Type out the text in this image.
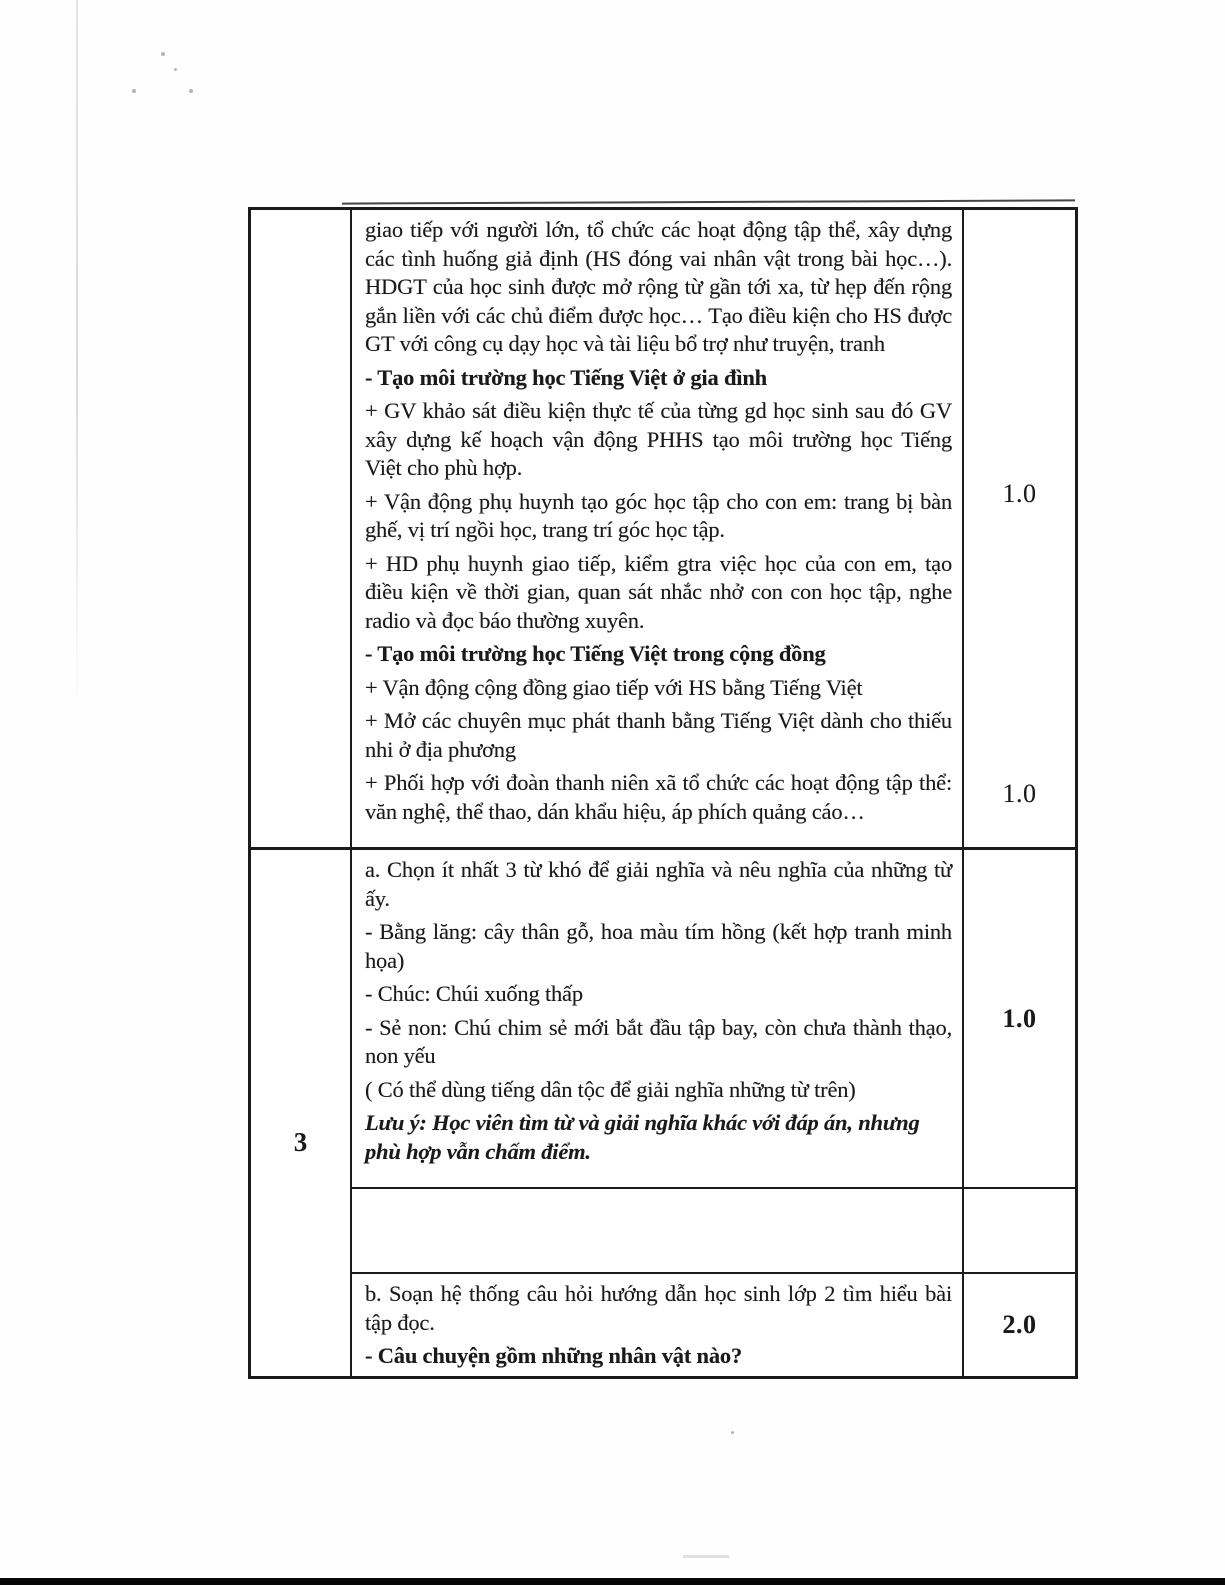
giao tiếp với người lớn, tổ chức các hoạt động tập thể, xây dựng các tình huống giả định (HS đóng vai nhân vật trong bài học…). HDGT của học sinh được mở rộng từ gần tới xa, từ hẹp đến rộng gắn liền với các chủ điểm được học… Tạo điều kiện cho HS được GT với công cụ dạy học và tài liệu bổ trợ như truyện, tranh

- Tạo môi trường học Tiếng Việt ở gia đình

+ GV khảo sát điều kiện thực tế của từng gd học sinh sau đó GV xây dựng kế hoạch vận động PHHS tạo môi trường học Tiếng Việt cho phù hợp.

+ Vận động phụ huynh tạo góc học tập cho con em: trang bị bàn ghế, vị trí ngồi học, trang trí góc học tập.

+ HD phụ huynh giao tiếp, kiểm gtra việc học của con em, tạo điều kiện về thời gian, quan sát nhắc nhở con con học tập, nghe radio và đọc báo thường xuyên.

- Tạo môi trường học Tiếng Việt trong cộng đồng

+ Vận động cộng đồng giao tiếp với HS bằng Tiếng Việt

+ Mở các chuyên mục phát thanh bằng Tiếng Việt dành cho thiếu nhi ở địa phương

+ Phối hợp với đoàn thanh niên xã tổ chức các hoạt động tập thể: văn nghệ, thể thao, dán khẩu hiệu, áp phích quảng cáo…

1.0
1.0
3

a. Chọn ít nhất 3 từ khó để giải nghĩa và nêu nghĩa của những từ ấy.

- Bằng lăng: cây thân gỗ, hoa màu tím hồng (kết hợp tranh minh họa)

- Chúc: Chúi xuống thấp

- Sẻ non: Chú chim sẻ mới bắt đầu tập bay, còn chưa thành thạo, non yếu

( Có thể dùng tiếng dân tộc để giải nghĩa những từ trên)

Lưu ý: Học viên tìm từ và giải nghĩa khác với đáp án, nhưng phù hợp vẫn chấm điểm.

1.0

b. Soạn hệ thống câu hỏi hướng dẫn học sinh lớp 2 tìm hiểu bài tập đọc.

- Câu chuyện gồm những nhân vật nào?

2.0
